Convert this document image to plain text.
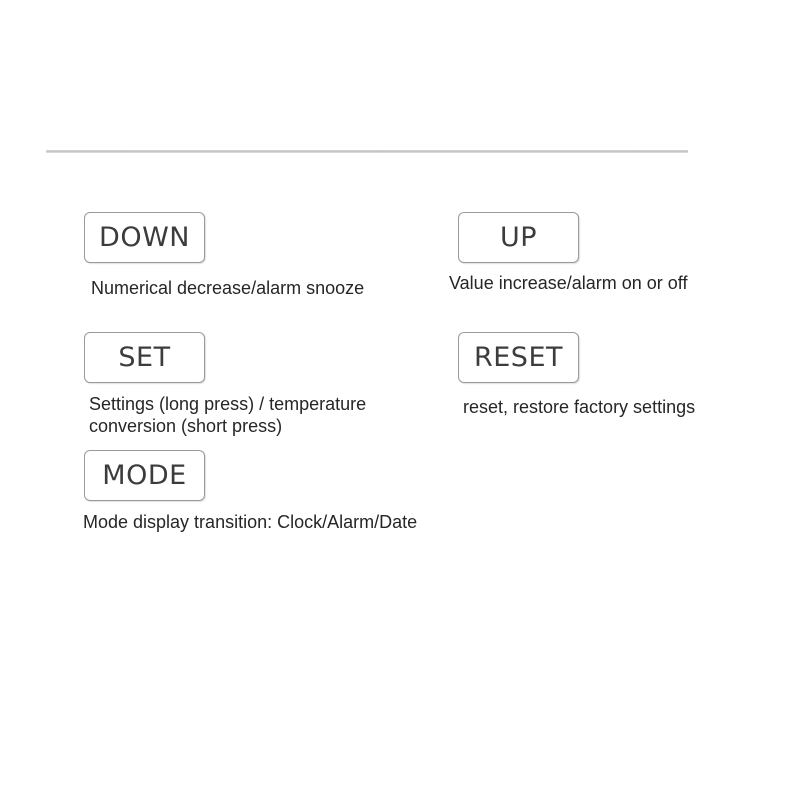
DOWN
Numerical decrease/alarm snooze
UP
Value increase/alarm on or off
SET
Settings (long press) / temperature
conversion (short press)
RESET
reset, restore factory settings
MODE
Mode display transition: Clock/Alarm/Date
